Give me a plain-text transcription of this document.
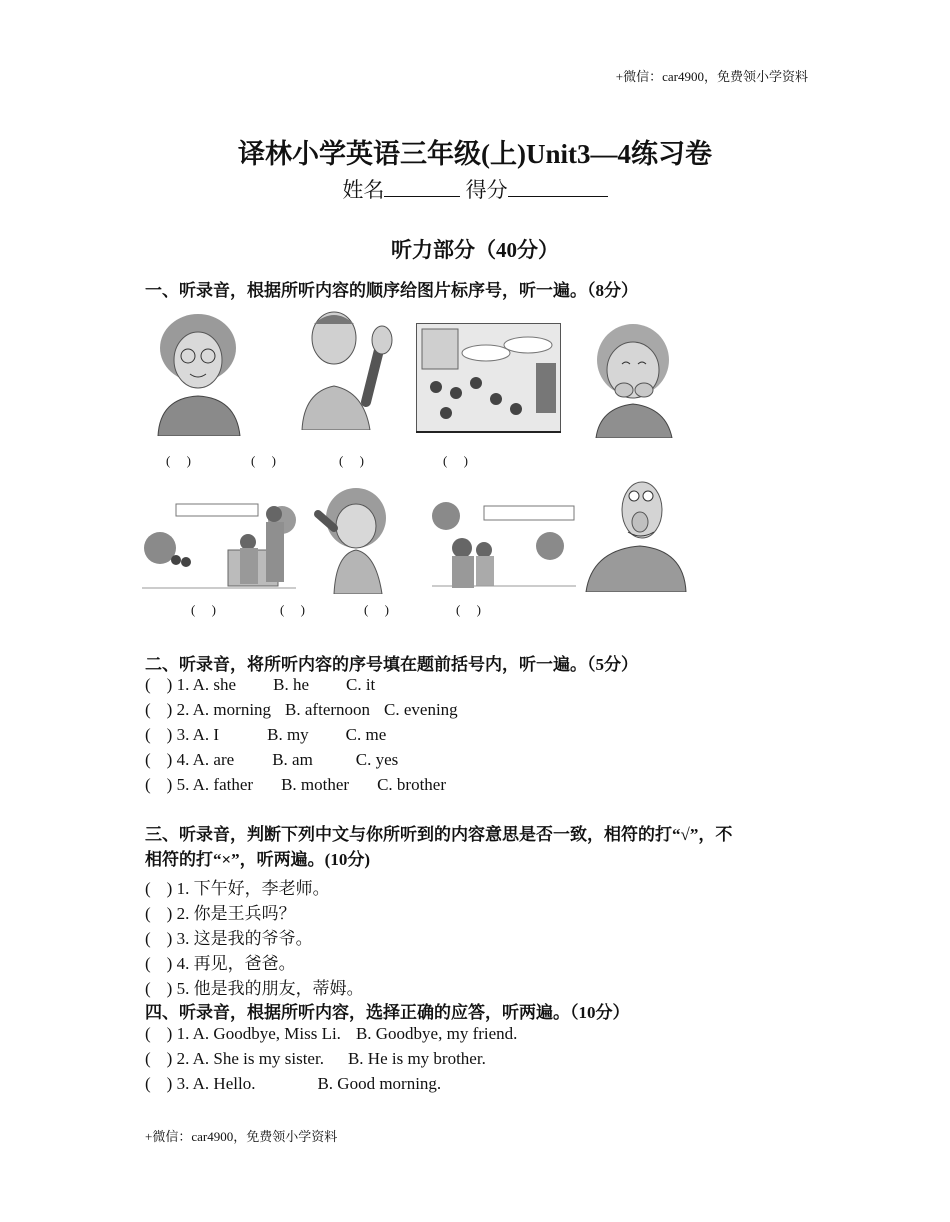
+微信：car4900，免费领小学资料
译林小学英语三年级(上)Unit3—4练习卷
姓名	得分
听力部分（40分）
一、听录音，根据所听内容的顺序给图片标序号，听一遍。（8分）
(     )	(     )	(     )	(     )
(     )	(     )	(     )	(     )
二、听录音，将所听内容的序号填在题前括号内，听一遍。（5分）
( ) 1. A. she B. he C. it
( ) 2. A. morning B. afternoon C. evening
( ) 3. A. I	B. my C. me
( ) 4. A. are B. am	C. yes
( ) 5. A. father B. mother C. brother
三、听录音，判断下列中文与你所听到的内容意思是否一致，相符的打“√”，不
相符的打“×”，听两遍。(10分)
( ) 1. 下午好，李老师。
( ) 2. 你是王兵吗？
( ) 3. 这是我的爷爷。
( ) 4. 再见，爸爸。
( ) 5. 他是我的朋友，蒂姆。
四、听录音，根据所听内容，选择正确的应答，听两遍。（10分）
( ) 1. A. Goodbye, Miss Li. B. Goodbye, my friend.
( ) 2. A. She is my sister. B. He is my brother.
( ) 3. A. Hello.	B. Good morning.
+微信：car4900，免费领小学资料
